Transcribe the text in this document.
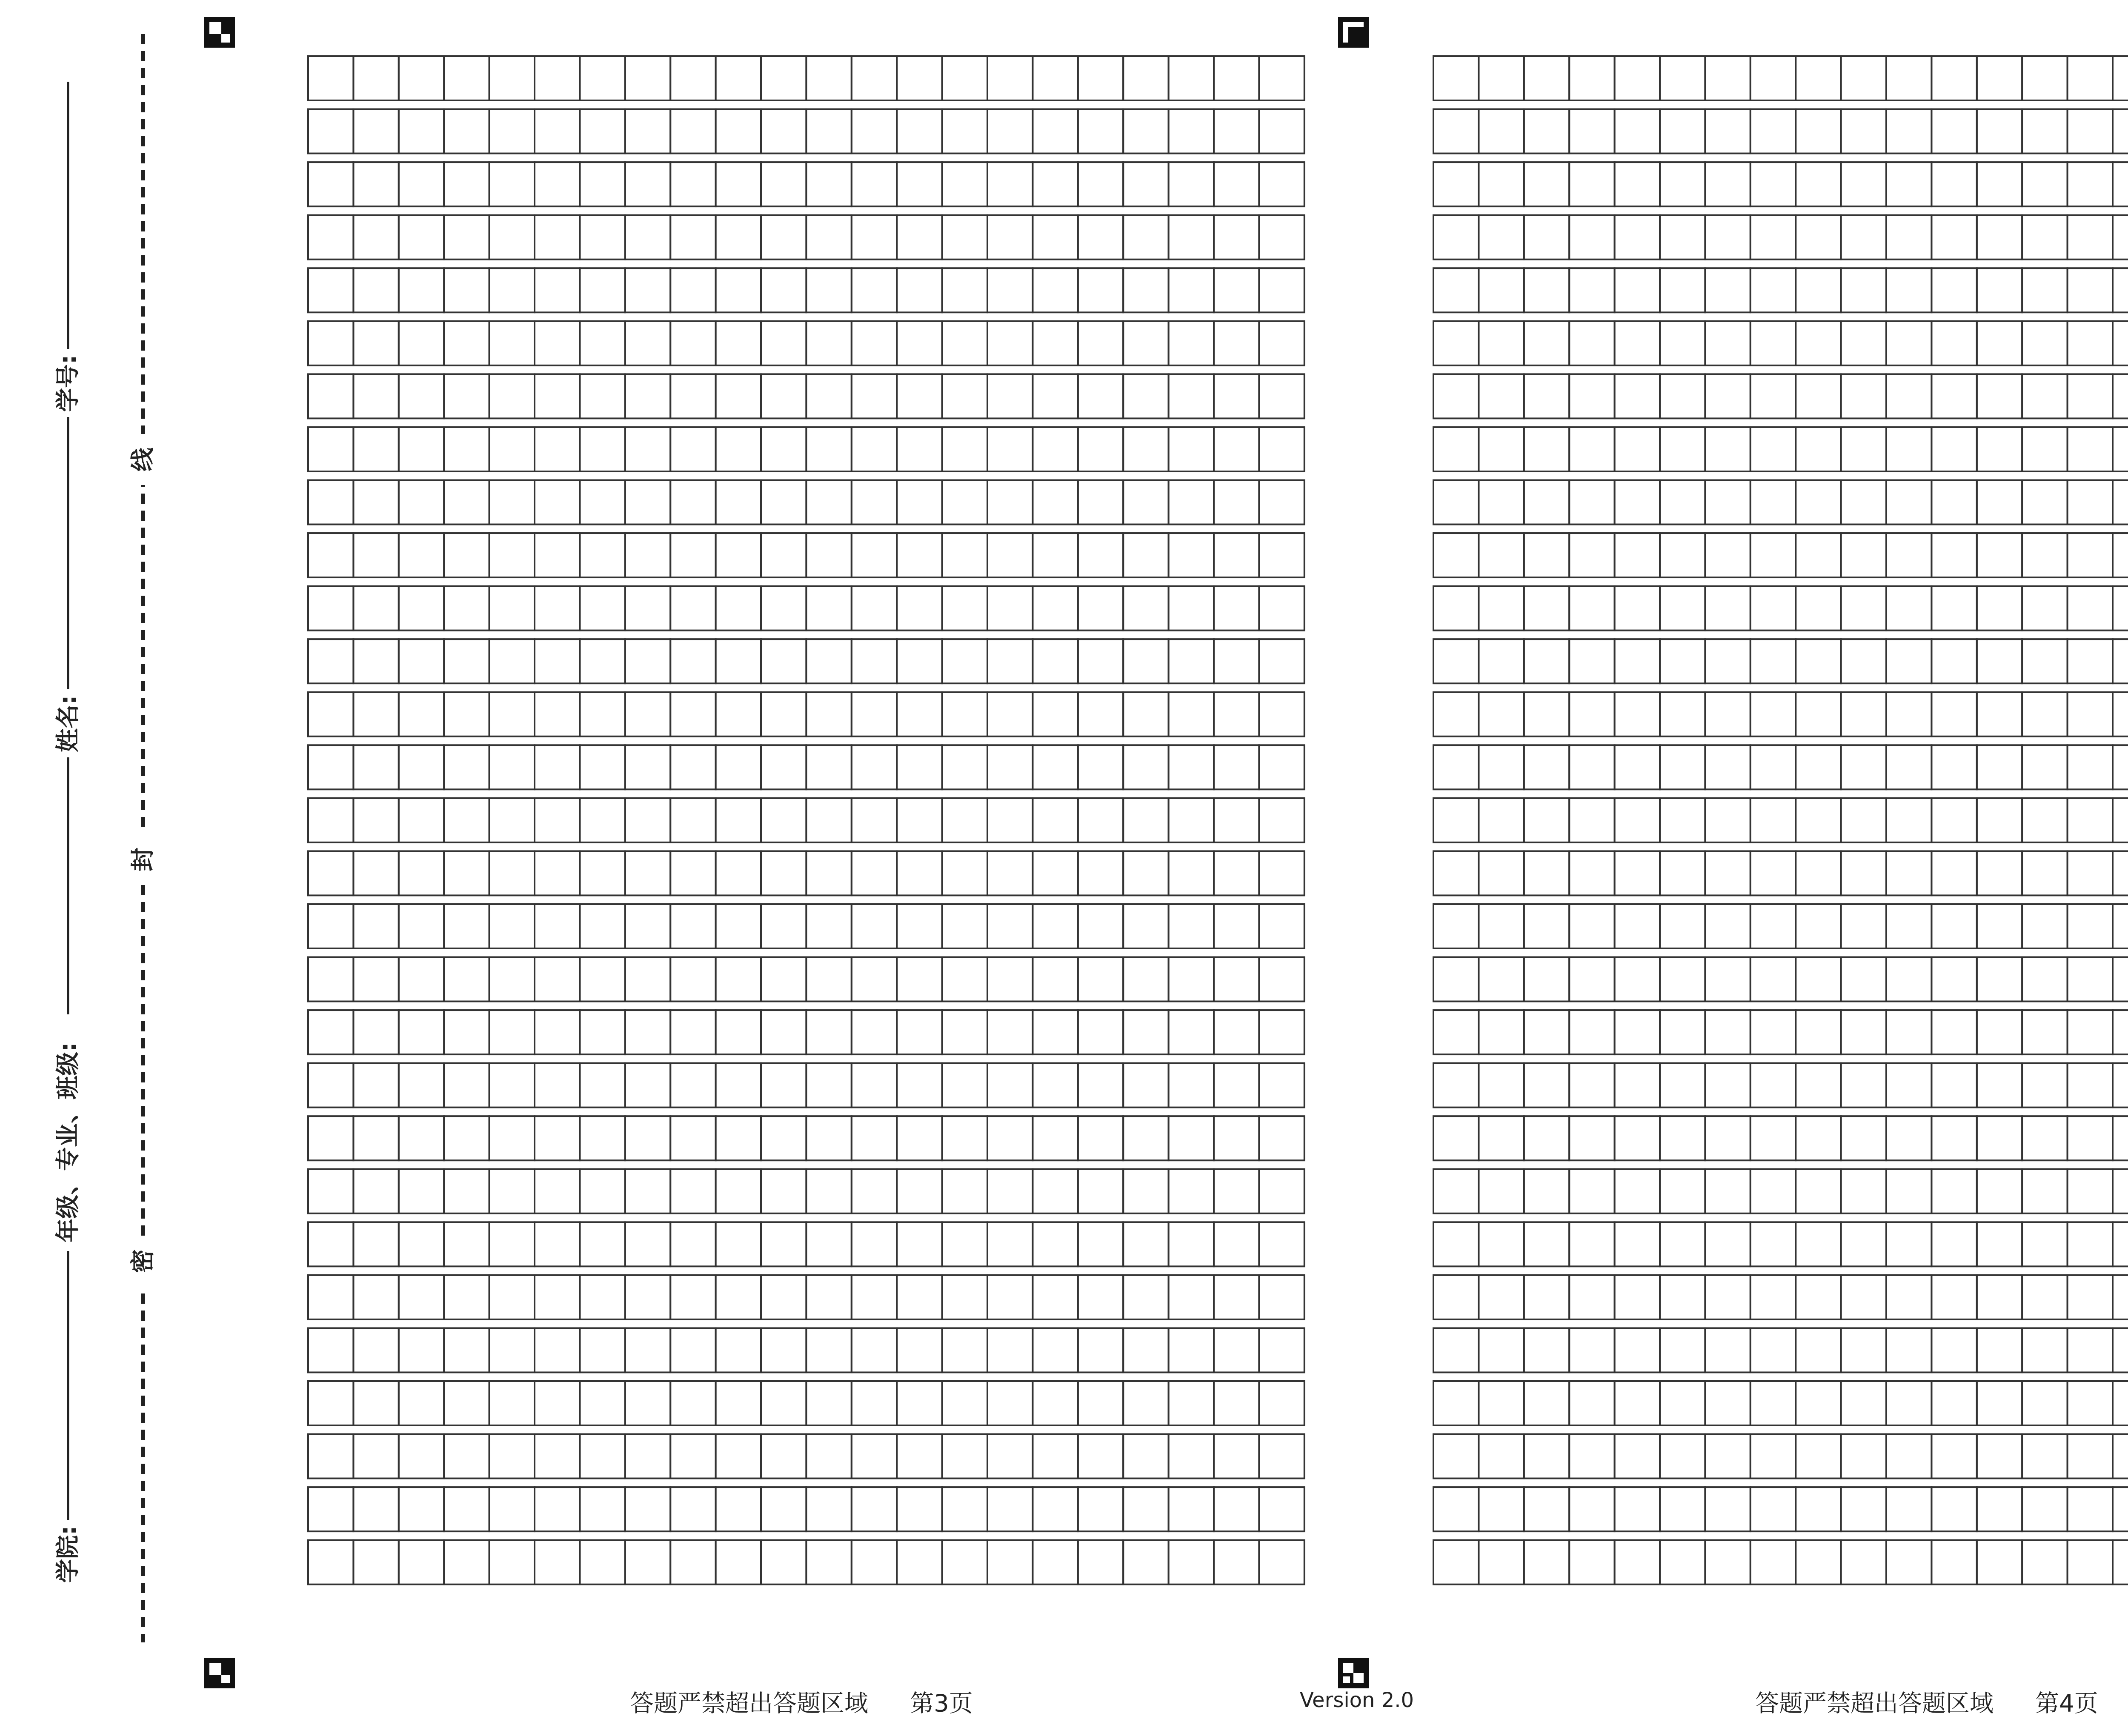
密
封
线
学院:
年级、专业、班级:
姓名:
学号:
答题严禁超出答题区域	第3页	Version 2.0	答题严禁超出答题区域	第4页
